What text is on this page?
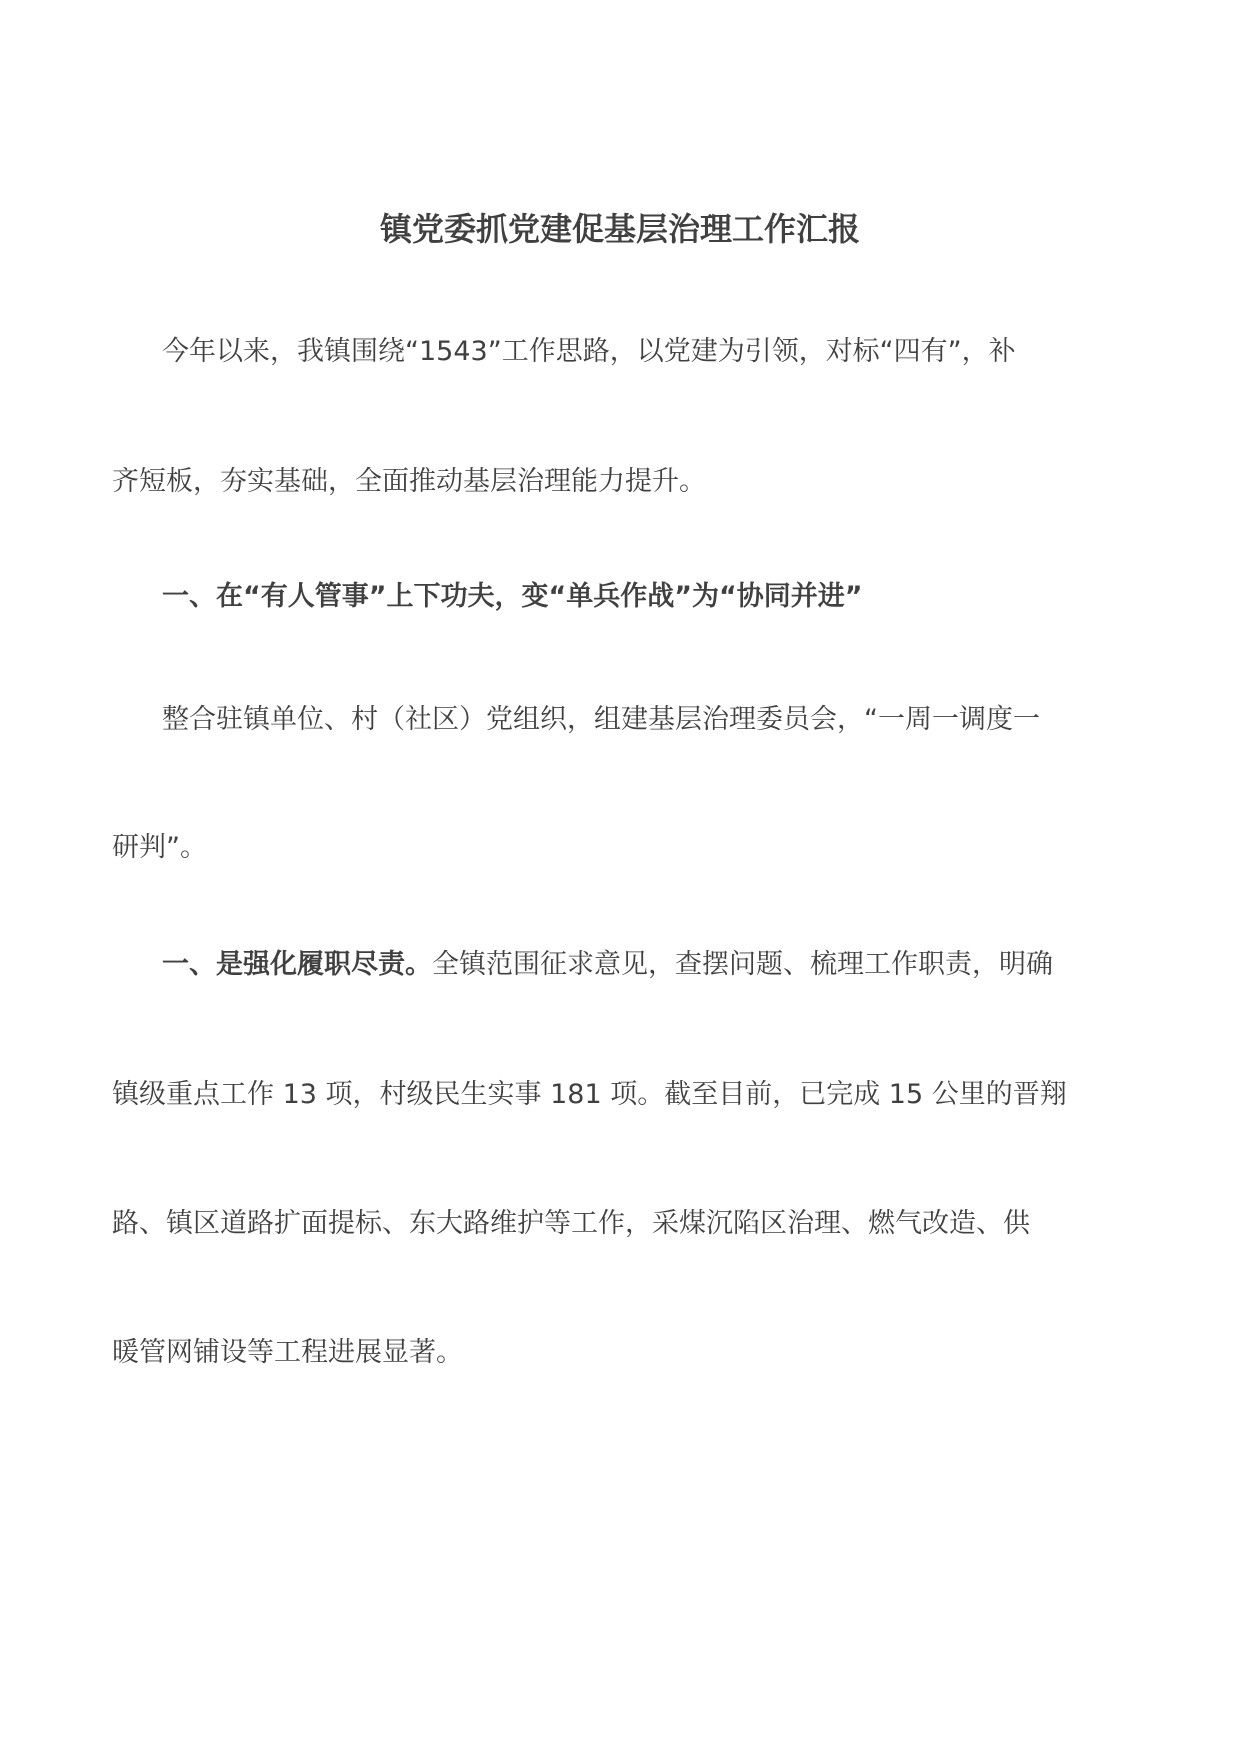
镇党委抓党建促基层治理工作汇报
今年以来，我镇围绕“1543”工作思路，以党建为引领，对标“四有”，补
齐短板，夯实基础，全面推动基层治理能力提升。
一、在“有人管事”上下功夫，变“单兵作战”为“协同并进”
整合驻镇单位、村（社区）党组织，组建基层治理委员会，“一周一调度一
研判”。
一、是强化履职尽责。全镇范围征求意见，查摆问题、梳理工作职责，明确
镇级重点工作 13 项，村级民生实事 181 项。截至目前，已完成 15 公里的晋翔
路、镇区道路扩面提标、东大路维护等工作，采煤沉陷区治理、燃气改造、供
暖管网铺设等工程进展显著。
